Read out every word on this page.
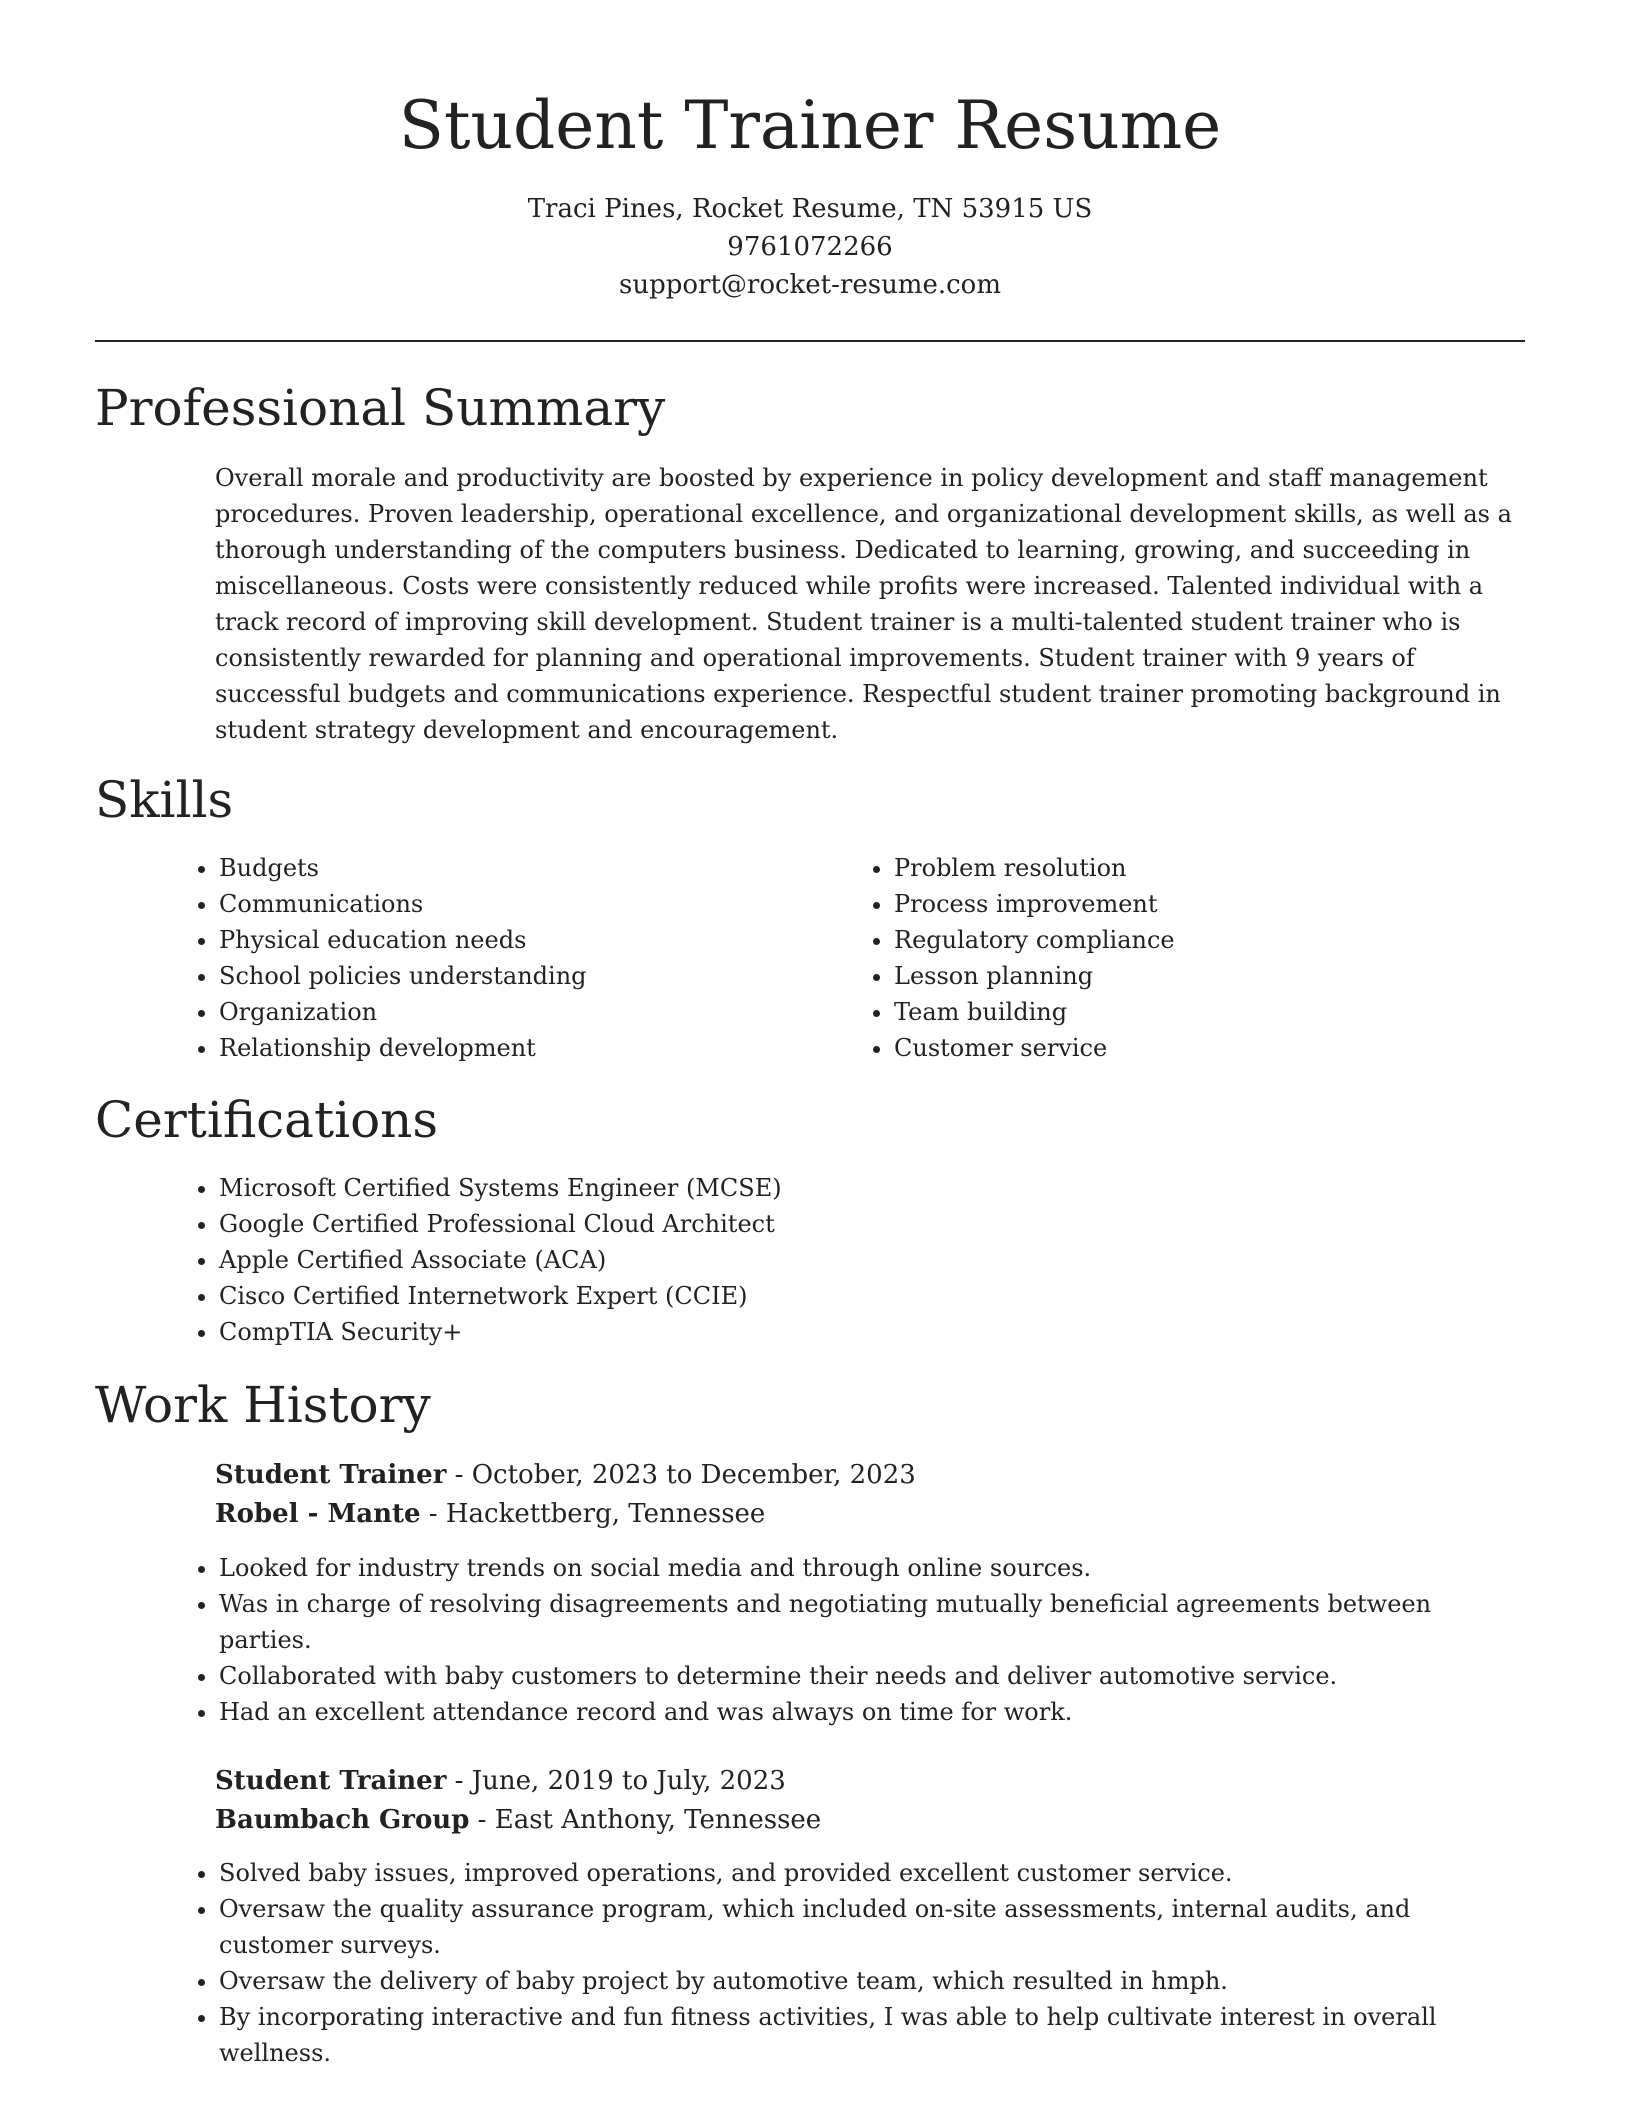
Student Trainer Resume
Traci Pines, Rocket Resume, TN 53915 US
9761072266
support@rocket-resume.com
Professional Summary

Overall morale and productivity are boosted by experience in policy development and staff management procedures. Proven leadership, operational excellence, and organizational development skills, as well as a thorough understanding of the computers business. Dedicated to learning, growing, and succeeding in miscellaneous. Costs were consistently reduced while profits were increased. Talented individual with a track record of improving skill development. Student trainer is a multi-talented student trainer who is consistently rewarded for planning and operational improvements. Student trainer with 9 years of successful budgets and communications experience. Respectful student trainer promoting background in student strategy development and encouragement.

Skills
• Budgets
• Communications
• Physical education needs
• School policies understanding
• Organization
• Relationship development
• Problem resolution
• Process improvement
• Regulatory compliance
• Lesson planning
• Team building
• Customer service
Certifications
• Microsoft Certified Systems Engineer (MCSE)
• Google Certified Professional Cloud Architect
• Apple Certified Associate (ACA)
• Cisco Certified Internetwork Expert (CCIE)
• CompTIA Security+
Work History
Student Trainer - October, 2023 to December, 2023
Robel - Mante - Hackettberg, Tennessee
• Looked for industry trends on social media and through online sources.
• Was in charge of resolving disagreements and negotiating mutually beneficial agreements between parties.
• Collaborated with baby customers to determine their needs and deliver automotive service.
• Had an excellent attendance record and was always on time for work.
Student Trainer - June, 2019 to July, 2023
Baumbach Group - East Anthony, Tennessee
• Solved baby issues, improved operations, and provided excellent customer service.
• Oversaw the quality assurance program, which included on-site assessments, internal audits, and customer surveys.
• Oversaw the delivery of baby project by automotive team, which resulted in hmph.
• By incorporating interactive and fun fitness activities, I was able to help cultivate interest in overall wellness.
